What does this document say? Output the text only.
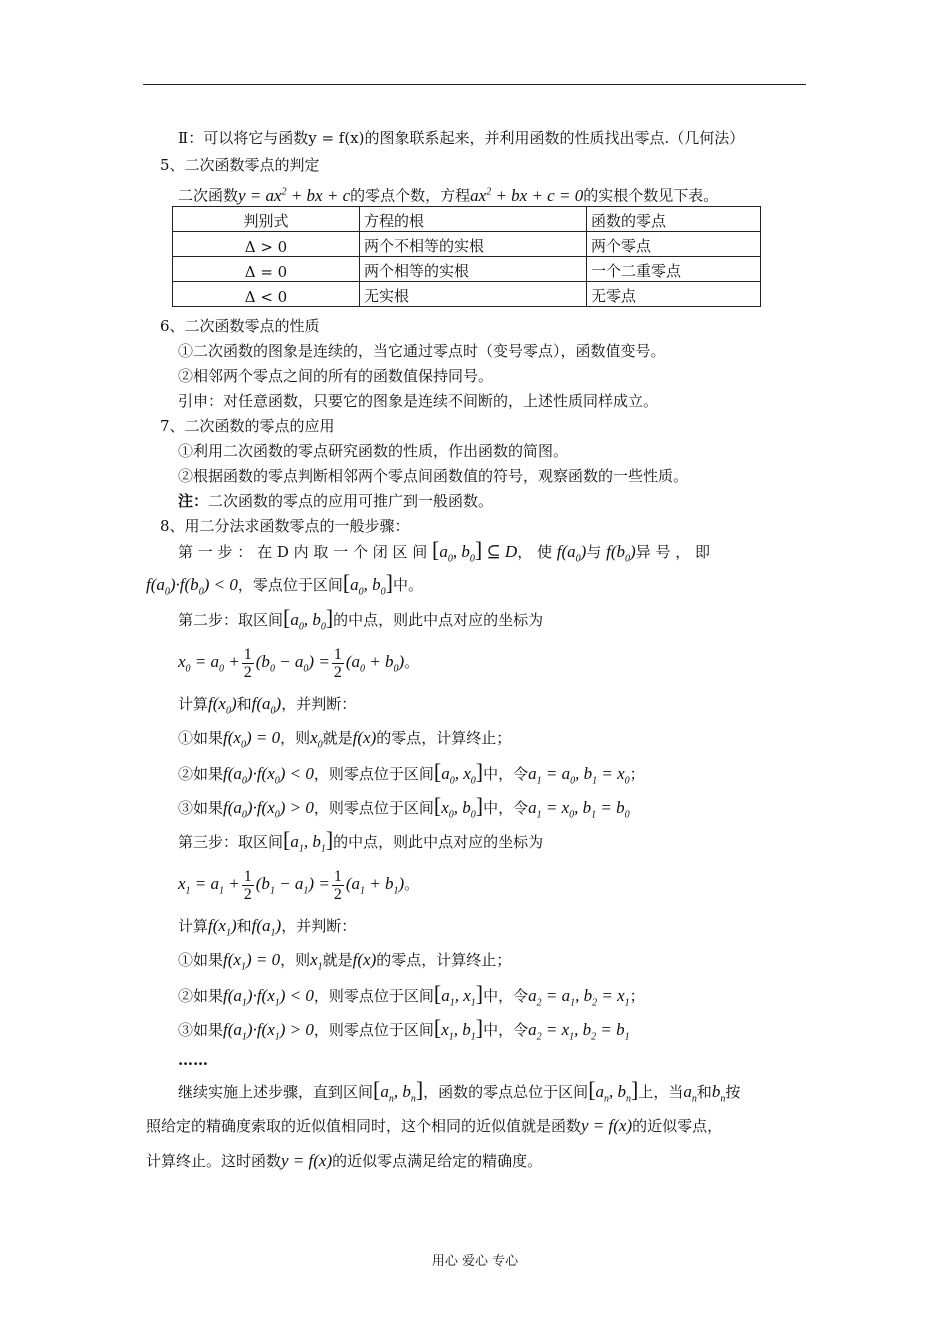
Ⅱ：可以将它与函数y = f(x)的图象联系起来，并利用函数的性质找出零点.（几何法）
5、二次函数零点的判定
二次函数$y = ax^2$ + bx + c的零点个数，方程$ax^2$ + bx + c = 0的实根个数见下表。
判别式	方程的根	函数的零点
Δ > 0	两个不相等的实根	两个零点
Δ = 0	两个相等的实根	一个二重零点
Δ < 0	无实根	无零点
6、二次函数零点的性质
①二次函数的图象是连续的，当它通过零点时（变号零点），函数值变号。
②相邻两个零点之间的所有的函数值保持同号。
引申：对任意函数，只要它的图象是连续不间断的，上述性质同样成立。
7、二次函数的零点的应用
①利用二次函数的零点研究函数的性质，作出函数的简图。
②根据函数的零点判断相邻两个零点间函数值的符号，观察函数的一些性质。
注：二次函数的零点的应用可推广到一般函数。
8、用二分法求函数零点的一般步骤：
第 一 步 ： 在 D 内 取 一 个 闭 区 间 [$a_0$, $b_0$] ⊆ D， 使 $f(a_0)$与 $f(b_0)$异 号 ， 即
$f(a_0)\cdot f(b_0) < 0$，零点位于区间[$a_0$, $b_0$]中。
第二步：取区间[$a_0$, $b_0$]的中点，则此中点对应的坐标为
$x_0 = a_0 + \frac{1}{2} (b_0 - a_0) = \frac{1}{2} (a_0 + b_0)$。
计算$f(x_0)$和$f(a_0)$，并判断：
①如果$f(x_0) = 0$，则$x_0$就是f(x)的零点，计算终止；
②如果$f(a_0)\cdot f(x_0) < 0$，则零点位于区间[$a_0$, $x_0$]中，令$a_1 = a_0$, $b_1 = x_0$；
③如果$f(a_0)\cdot f(x_0) > 0$，则零点位于区间[$x_0$, $b_0$]中，令$a_1 = x_0$, $b_1 = b_0$
第三步：取区间[$a_1$, $b_1$]的中点，则此中点对应的坐标为
$x_1 = a_1 + \frac{1}{2} (b_1 - a_1) = \frac{1}{2} (a_1 + b_1)$。
计算$f(x_1)$和$f(a_1)$，并判断：
①如果$f(x_1) = 0$，则$x_1$就是f(x)的零点，计算终止；
②如果$f(a_1)\cdot f(x_1) < 0$，则零点位于区间[$a_1$, $x_1$]中，令$a_2 = a_1$, $b_2 = x_1$；
③如果$f(a_1)\cdot f(x_1) > 0$，则零点位于区间[$x_1$, $b_1$]中，令$a_2 = x_1$, $b_2 = b_1$
……
继续实施上述步骤，直到区间[$a_n$, $b_n$]，函数的零点总位于区间[$a_n$, $b_n$]上，当$a_n$和$b_n$按
照给定的精确度索取的近似值相同时，这个相同的近似值就是函数y = f(x)的近似零点，
计算终止。这时函数y = f(x)的近似零点满足给定的精确度。
用心 爱心 专心
